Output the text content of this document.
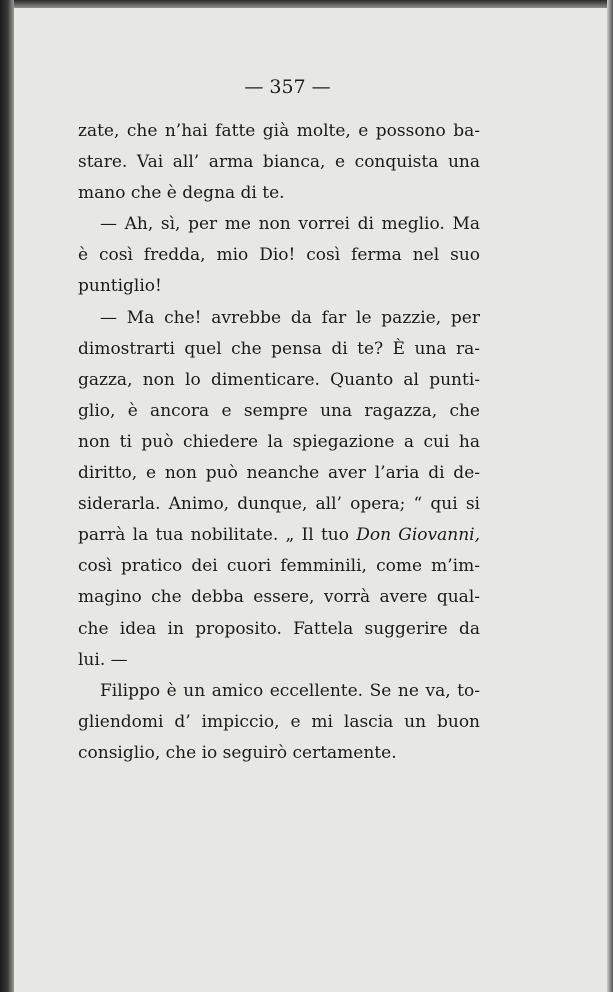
— 357 —

zate, che n’hai fatte già molte, e possono ba-
stare. Vai all’ arma bianca, e conquista una
mano che è degna di te.
— Ah, sì, per me non vorrei di meglio. Ma
è così fredda, mio Dio! così ferma nel suo
puntiglio!
— Ma che! avrebbe da far le pazzie, per
dimostrarti quel che pensa di te? È una ra-
gazza, non lo dimenticare. Quanto al punti-
glio, è ancora e sempre una ragazza, che
non ti può chiedere la spiegazione a cui ha
diritto, e non può neanche aver l’aria di de-
siderarla. Animo, dunque, all’ opera; “ qui si
parrà la tua nobilitate. „ Il tuo Don Giovanni,
così pratico dei cuori femminili, come m’im-
magino che debba essere, vorrà avere qual-
che idea in proposito. Fattela suggerire da
lui. —
Filippo è un amico eccellente. Se ne va, to-
gliendomi d’ impiccio, e mi lascia un buon
consiglio, che io seguirò certamente.
